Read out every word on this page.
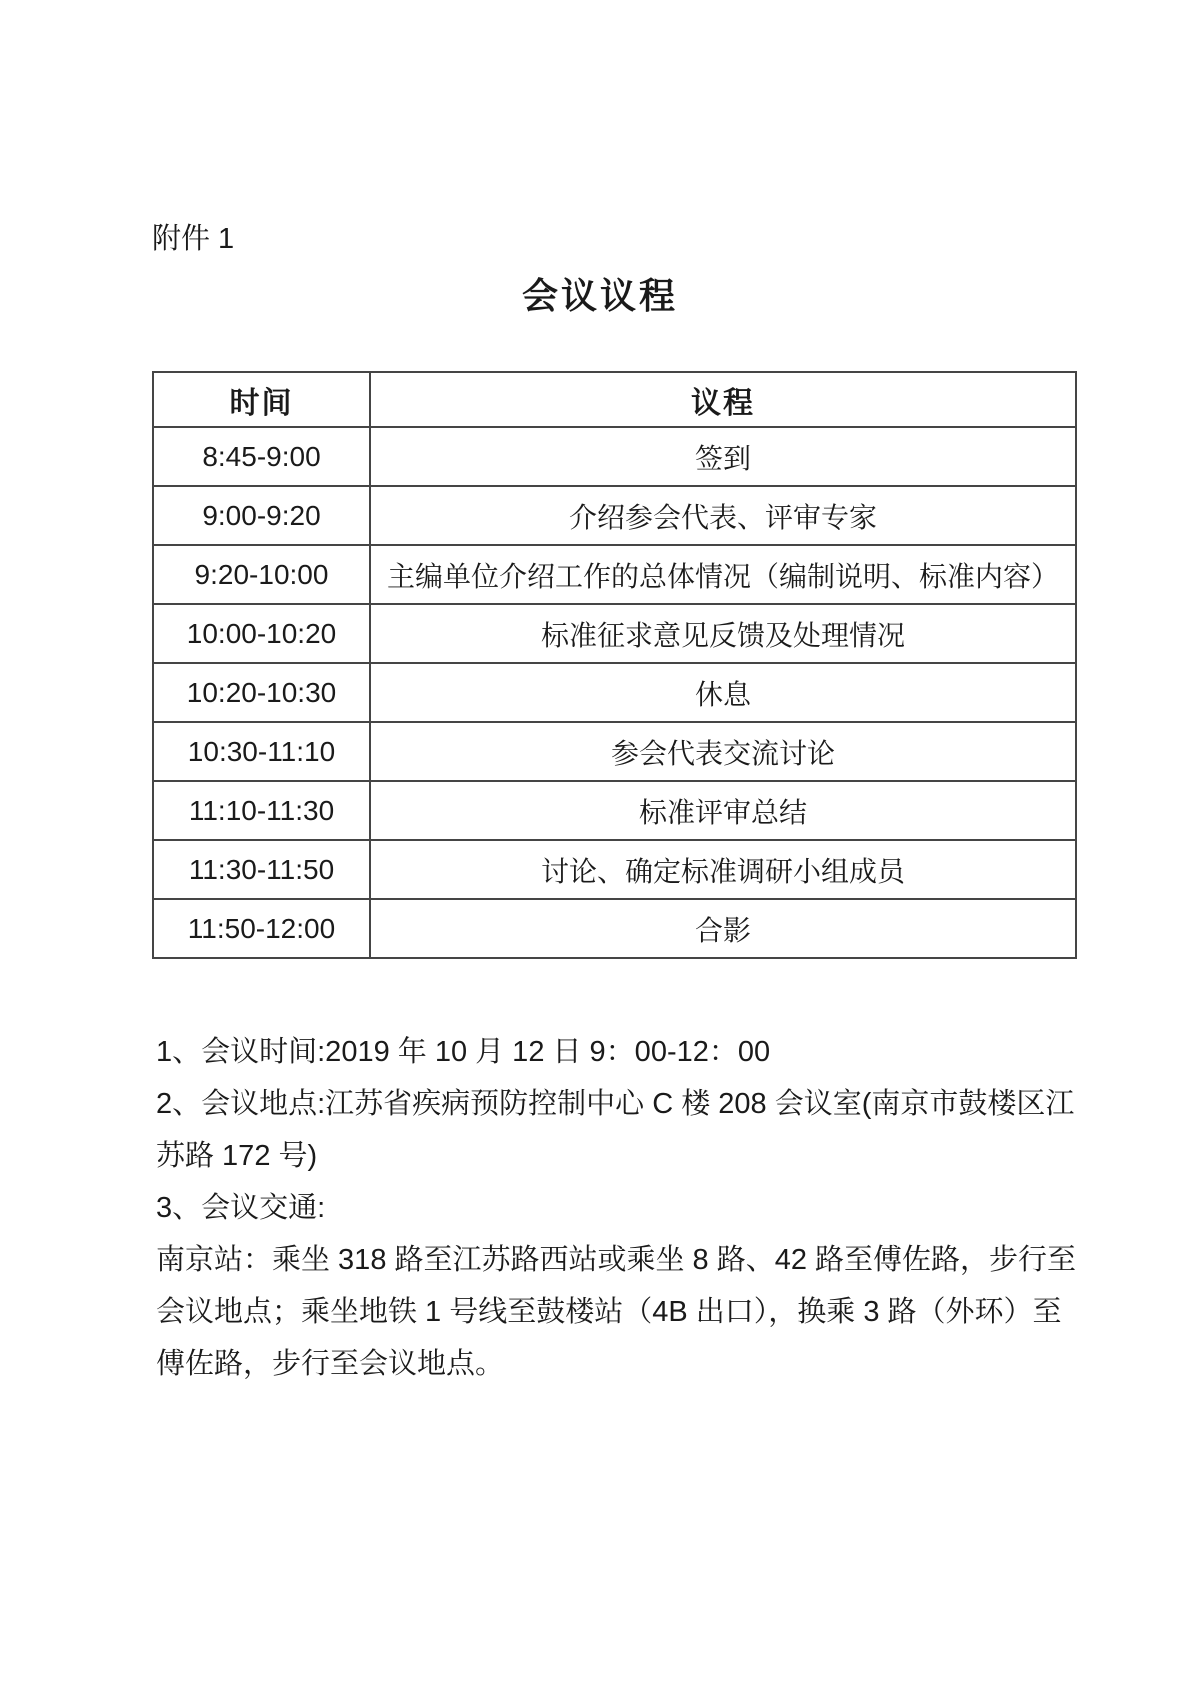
附件 1
会议议程
时间	议程
8:45-9:00	签到
9:00-9:20	介绍参会代表、评审专家
9:20-10:00	主编单位介绍工作的总体情况（编制说明、标准内容）
10:00-10:20	标准征求意见反馈及处理情况
10:20-10:30	休息
10:30-11:10	参会代表交流讨论
11:10-11:30	标准评审总结
11:30-11:50	讨论、确定标准调研小组成员
11:50-12:00	合影
1、会议时间:2019 年 10 月 12 日 9：00-12：00
2、会议地点:江苏省疾病预防控制中心 C 楼 208 会议室(南京市鼓楼区江
苏路 172 号)
3、会议交通:
南京站：乘坐 318 路至江苏路西站或乘坐 8 路、42 路至傅佐路，步行至
会议地点；乘坐地铁 1 号线至鼓楼站（4B 出口），换乘 3 路（外环）至
傅佐路，步行至会议地点。
